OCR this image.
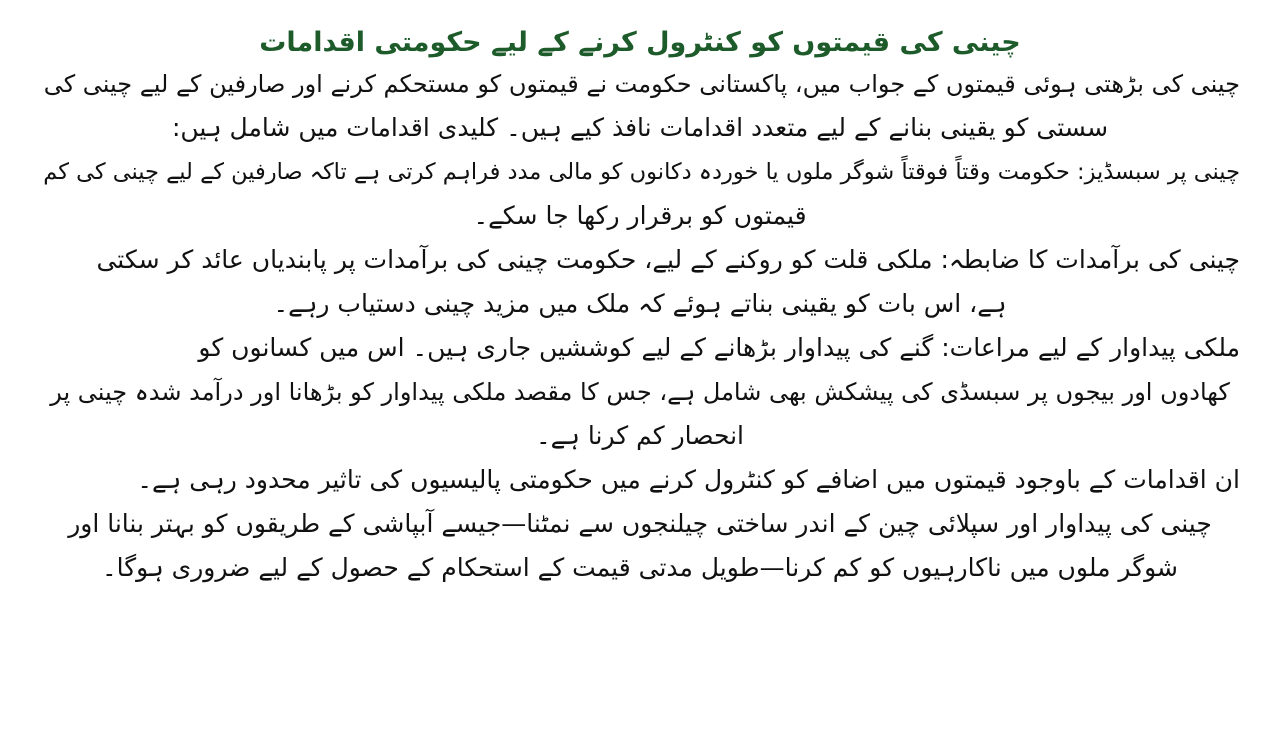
چینی کی قیمتوں کو کنٹرول کرنے کے لیے حکومتی اقدامات
چینی کی بڑھتی ہوئی قیمتوں کے جواب میں، پاکستانی حکومت نے قیمتوں کو مستحکم کرنے اور صارفین کے لیے چینی کی
سستی کو یقینی بنانے کے لیے متعدد اقدامات نافذ کیے ہیں۔ کلیدی اقدامات میں شامل ہیں:
چینی پر سبسڈیز: حکومت وقتاً فوقتاً شوگر ملوں یا خوردہ دکانوں کو مالی مدد فراہم کرتی ہے تاکہ صارفین کے لیے چینی کی کم
قیمتوں کو برقرار رکھا جا سکے۔
چینی کی برآمدات کا ضابطہ: ملکی قلت کو روکنے کے لیے، حکومت چینی کی برآمدات پر پابندیاں عائد کر سکتی
ہے، اس بات کو یقینی بناتے ہوئے کہ ملک میں مزید چینی دستیاب رہے۔
ملکی پیداوار کے لیے مراعات: گنے کی پیداوار بڑھانے کے لیے کوششیں جاری ہیں۔ اس میں کسانوں کو
کھادوں اور بیجوں پر سبسڈی کی پیشکش بھی شامل ہے، جس کا مقصد ملکی پیداوار کو بڑھانا اور درآمد شدہ چینی پر
انحصار کم کرنا ہے۔
ان اقدامات کے باوجود قیمتوں میں اضافے کو کنٹرول کرنے میں حکومتی پالیسیوں کی تاثیر محدود رہی ہے۔
چینی کی پیداوار اور سپلائی چین کے اندر ساختی چیلنجوں سے نمٹنا—جیسے آبپاشی کے طریقوں کو بہتر بنانا اور
شوگر ملوں میں ناکارہیوں کو کم کرنا—طویل مدتی قیمت کے استحکام کے حصول کے لیے ضروری ہوگا۔
